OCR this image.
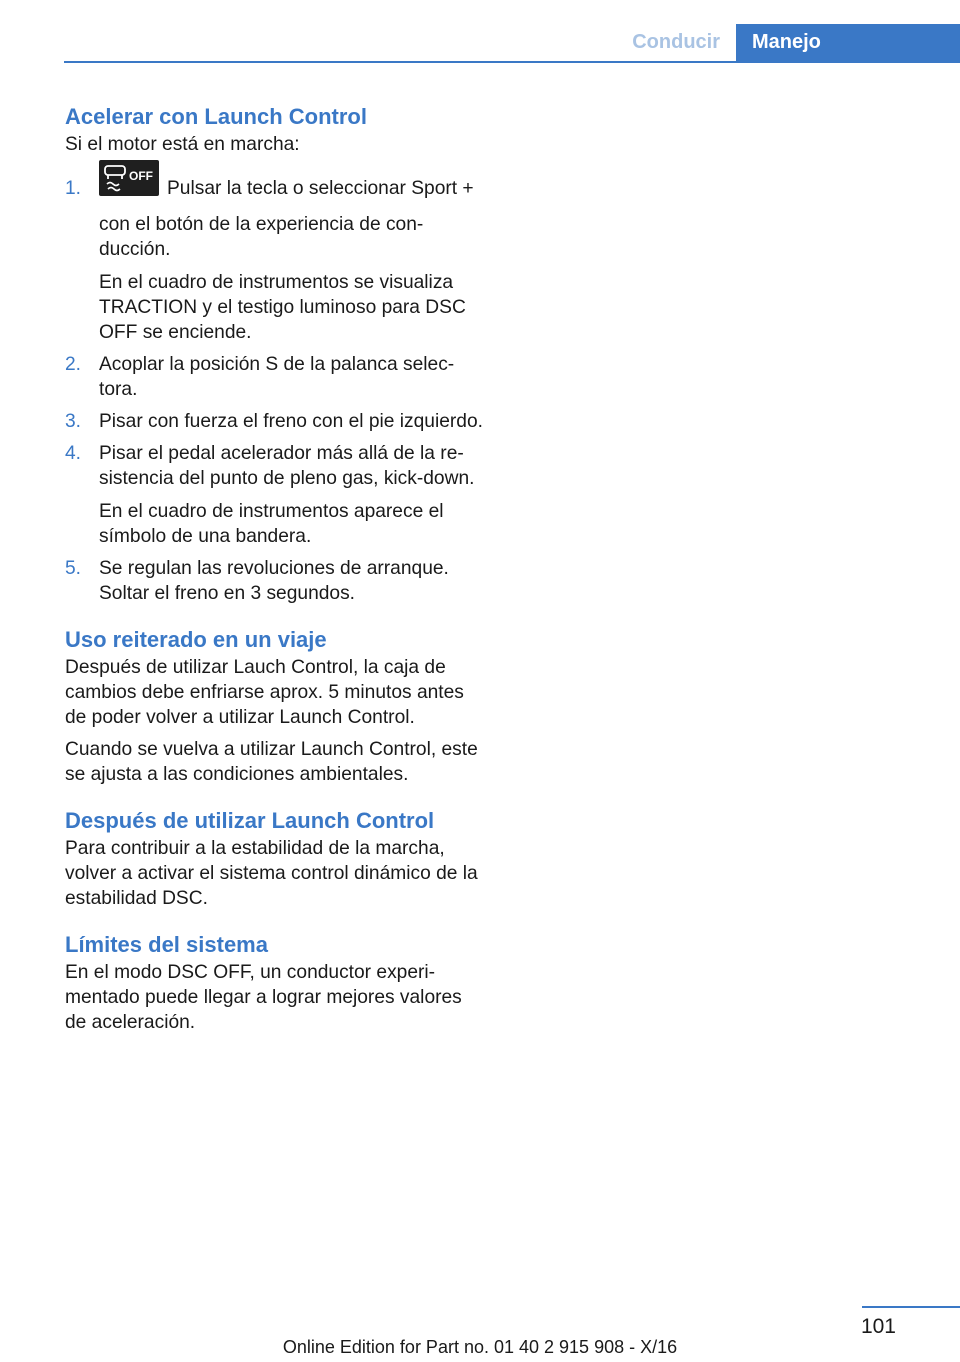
Conducir	Manejo
Acelerar con Launch Control

Si el motor está en marcha:

1.

OFF
Pulsar la tecla o seleccionar Sport + con el botón de la experiencia de conducción.

En el cuadro de instrumentos se visualiza TRACTION y el testigo luminoso para DSC OFF se enciende.

2. Acoplar la posición S de la palanca selectora.

3. Pisar con fuerza el freno con el pie izquierdo.

4. Pisar el pedal acelerador más allá de la resistencia del punto de pleno gas, kick-down.

En el cuadro de instrumentos aparece el símbolo de una bandera.

5. Se regulan las revoluciones de arranque. Soltar el freno en 3 segundos.

Uso reiterado en un viaje

Después de utilizar Lauch Control, la caja de cambios debe enfriarse aprox. 5 minutos antes de poder volver a utilizar Launch Control.

Cuando se vuelva a utilizar Launch Control, este se ajusta a las condiciones ambientales.

Después de utilizar Launch Control

Para contribuir a la estabilidad de la marcha, volver a activar el sistema control dinámico de la estabilidad DSC.

Límites del sistema

En el modo DSC OFF, un conductor experimentado puede llegar a lograr mejores valores de aceleración.

101
Online Edition for Part no. 01 40 2 915 908 - X/16
